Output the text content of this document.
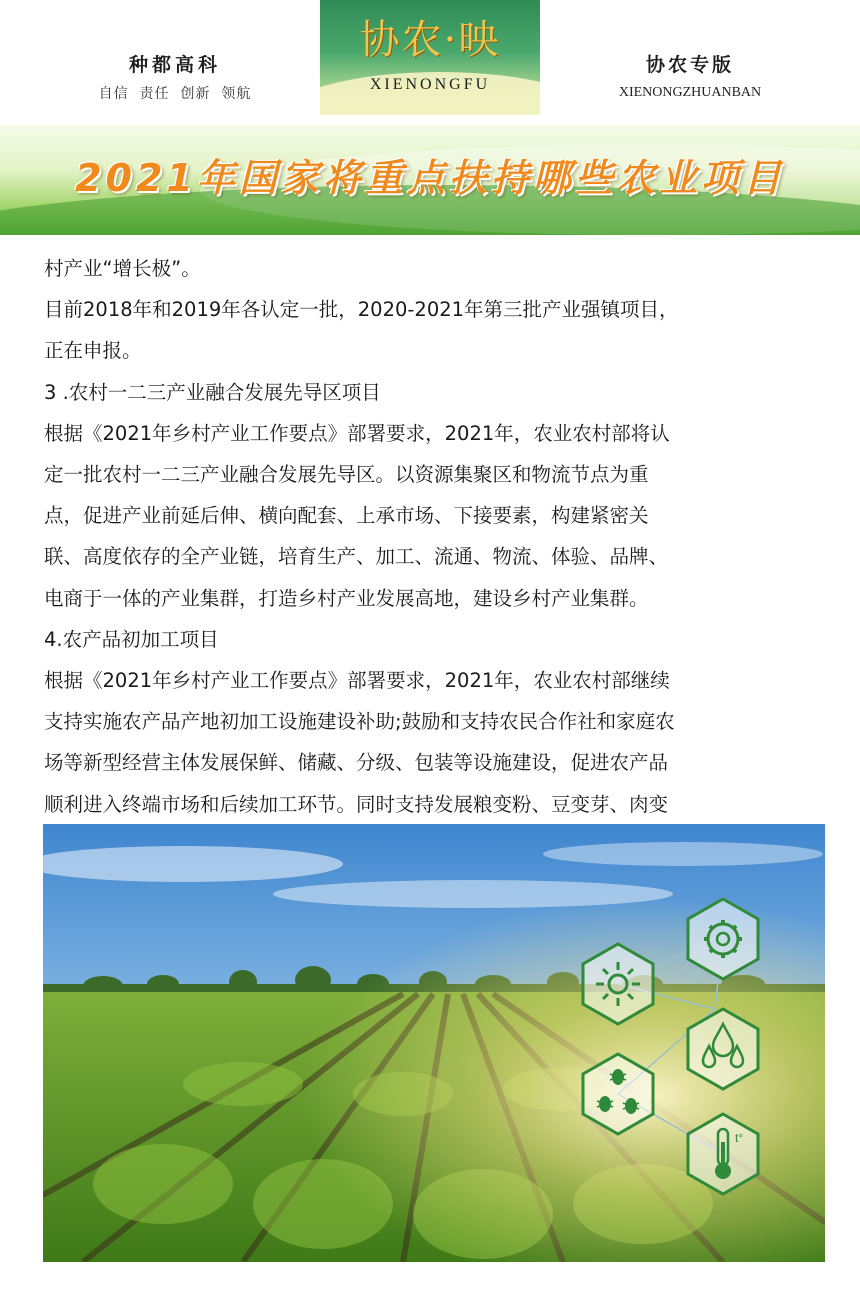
种都高科
自信  责任  创新  领航
协农·映
XIENONGFU
协农专版
XIENONGZHUANBAN
2021年国家将重点扶持哪些农业项目

村产业“增长极”。

目前2018年和2019年各认定一批，2020-2021年第三批产业强镇项目，

正在申报。

3 .农村一二三产业融合发展先导区项目

根据《2021年乡村产业工作要点》部署要求，2021年，农业农村部将认

定一批农村一二三产业融合发展先导区。以资源集聚区和物流节点为重

点，促进产业前延后伸、横向配套、上承市场、下接要素，构建紧密关

联、高度依存的全产业链，培育生产、加工、流通、物流、体验、品牌、

电商于一体的产业集群，打造乡村产业发展高地，建设乡村产业集群。

4.农产品初加工项目

根据《2021年乡村产业工作要点》部署要求，2021年，农业农村部继续

支持实施农产品产地初加工设施建设补助;鼓励和支持农民合作社和家庭农

场等新型经营主体发展保鲜、储藏、分级、包装等设施建设，促进农产品

顺利进入终端市场和后续加工环节。同时支持发展粮变粉、豆变芽、肉变

t°
